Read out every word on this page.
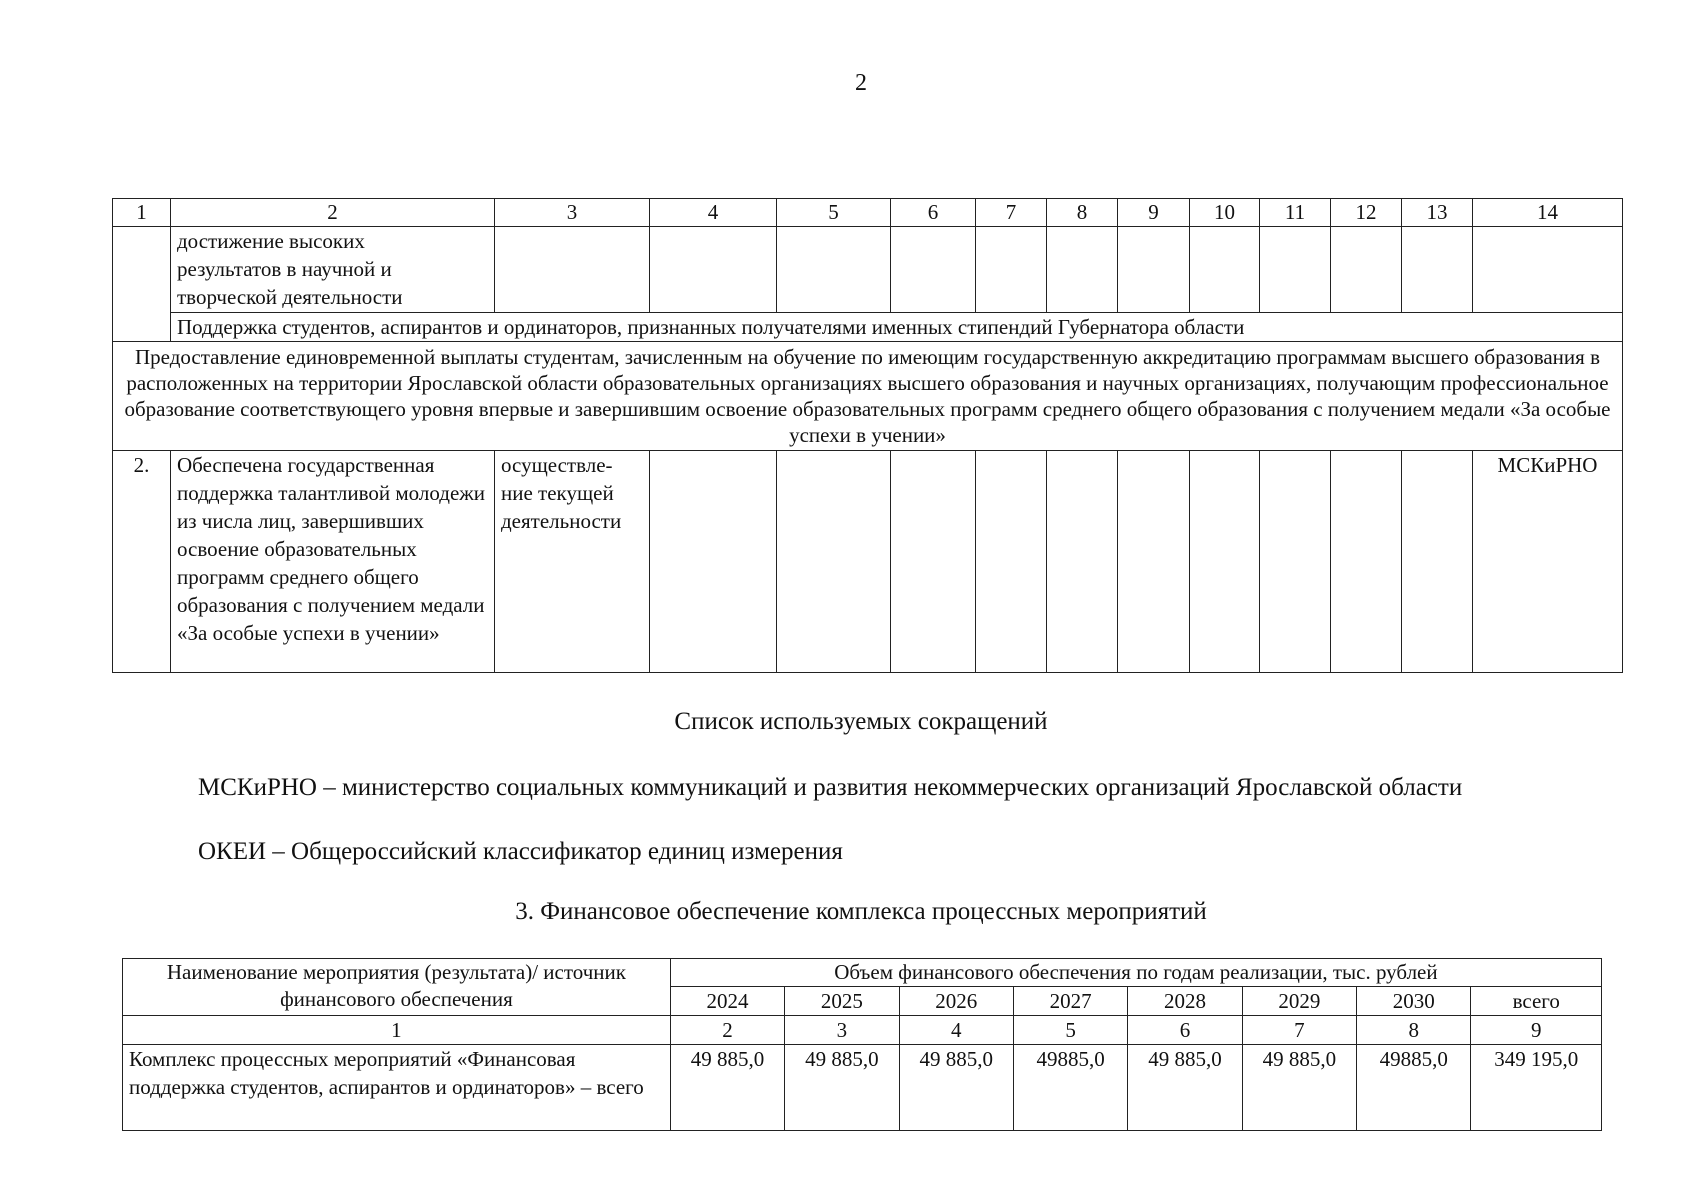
2
1	2	3	4	5	6	7	8	9	10	11	12	13	14

	достижение высоких
результатов в научной и
творческой деятельности												

	Поддержка студентов, аспирантов и ординаторов, признанных получателями именных стипендий Губернатора области												
Предоставление единовременной выплаты студентам, зачисленным на обучение по имеющим государственную аккредитацию программам высшего образования в расположенных на территории Ярославской области образовательных организациях высшего образования и научных организациях, получающим профессиональное образование соответствующего уровня впервые и завершившим освоение образовательных программ среднего общего образования с получением медали «За особые успехи в учении»													
2.	Обеспечена государственная поддержка талантливой молодежи из числа лиц, завершивших освоение образовательных программ среднего общего образования с получением медали «За особые успехи в учении»	осуществле-ние текущей деятельности											МСКиРНО
Список используемых сокращений
МСКиРНО – министерство социальных коммуникаций и развития некоммерческих организаций Ярославской области
ОКЕИ – Общероссийский классификатор единиц измерения
3. Финансовое обеспечение комплекса процессных мероприятий
Наименование мероприятия (результата)/ источник финансового обеспечения	Объем финансового обеспечения по годам реализации, тыс. рублей							
	2024	2025	2026	2027	2028	2029	2030	всего
1	2	3	4	5	6	7	8	9
Комплекс процессных мероприятий «Финансовая поддержка студентов, аспирантов и ординаторов» – всего	49 885,0	49 885,0	49 885,0	49885,0	49 885,0	49 885,0	49885,0	349 195,0
